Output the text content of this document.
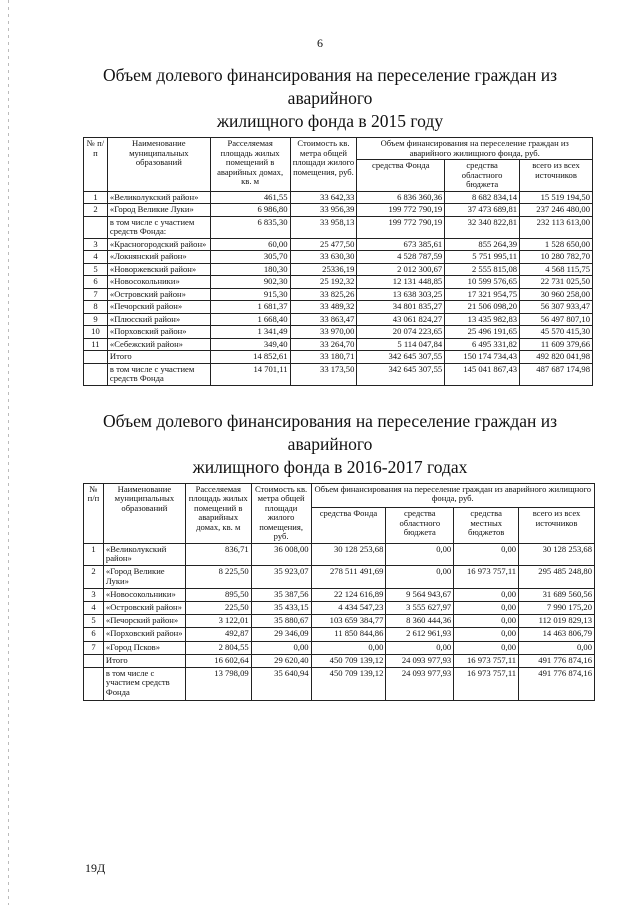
6
Объем долевого финансирования на переселение граждан из аварийного
жилищного фонда в 2015 году
№ п/п	Наименование муниципальных образований	Расселяемая площадь жилых помещений в аварийных домах, кв. м	Стоимость кв. метра общей площади жилого помещения, руб.	Объем финансирования на переселение граждан из аварийного жилищного фонда, руб.		
				средства Фонда	средства областного бюджета	всего из всех источников
1	«Великолукский район»	461,55	33 642,33	6 836 360,36	8 682 834,14	15 519 194,50
2	«Город Великие Луки»	6 986,80	33 956,39	199 772 790,19	37 473 689,81	237 246 480,00
	в том числе с участием средств Фонда:	6 835,30	33 958,13	199 772 790,19	32 340 822,81	232 113 613,00
3	«Красногородский район»	60,00	25 477,50	673 385,61	855 264,39	1 528 650,00
4	«Локнянский район»	305,70	33 630,30	4 528 787,59	5 751 995,11	10 280 782,70
5	«Новоржевский район»	180,30	25336,19	2 012 300,67	2 555 815,08	4 568 115,75
6	«Новосокольники»	902,30	25 192,32	12 131 448,85	10 599 576,65	22 731 025,50
7	«Островский район»	915,30	33 825,26	13 638 303,25	17 321 954,75	30 960 258,00
8	«Печорский район»	1 681,37	33 489,32	34 801 835,27	21 506 098,20	56 307 933,47
9	«Плюсский район»	1 668,40	33 863,47	43 061 824,27	13 435 982,83	56 497 807,10
10	«Порховский район»	1 341,49	33 970,00	20 074 223,65	25 496 191,65	45 570 415,30
11	«Себежский район»	349,40	33 264,70	5 114 047,84	6 495 331,82	11 609 379,66
	Итого	14 852,61	33 180,71	342 645 307,55	150 174 734,43	492 820 041,98
	в том числе с участием средств Фонда	14 701,11	33 173,50	342 645 307,55	145 041 867,43	487 687 174,98
Объем долевого финансирования на переселение граждан из аварийного
жилищного фонда в 2016-2017 годах
№ п/п	Наименование муниципальных образований	Расселяемая площадь жилых помещений в аварийных домах, кв. м	Стоимость кв. метра общей площади жилого помещения, руб.	Объем финансирования на переселение граждан из аварийного жилищного фонда, руб.			
				средства Фонда	средства областного бюджета	средства местных бюджетов	всего из всех источников
1	«Великолукский район»	836,71	36 008,00	30 128 253,68	0,00	0,00	30 128 253,68
2	«Город Великие Луки»	8 225,50	35 923,07	278 511 491,69	0,00	16 973 757,11	295 485 248,80
3	«Новосокольники»	895,50	35 387,56	22 124 616,89	9 564 943,67	0,00	31 689 560,56
4	«Островский район»	225,50	35 433,15	4 434 547,23	3 555 627,97	0,00	7 990 175,20
5	«Печорский район»	3 122,01	35 880,67	103 659 384,77	8 360 444,36	0,00	112 019 829,13
6	«Порховский район»	492,87	29 346,09	11 850 844,86	2 612 961,93	0,00	14 463 806,79
7	«Город Псков»	2 804,55	0,00	0,00	0,00	0,00	0,00
	Итого	16 602,64	29 620,40	450 709 139,12	24 093 977,93	16 973 757,11	491 776 874,16
	в том числе с участием средств Фонда	13 798,09	35 640,94	450 709 139,12	24 093 977,93	16 973 757,11	491 776 874,16
19Д
